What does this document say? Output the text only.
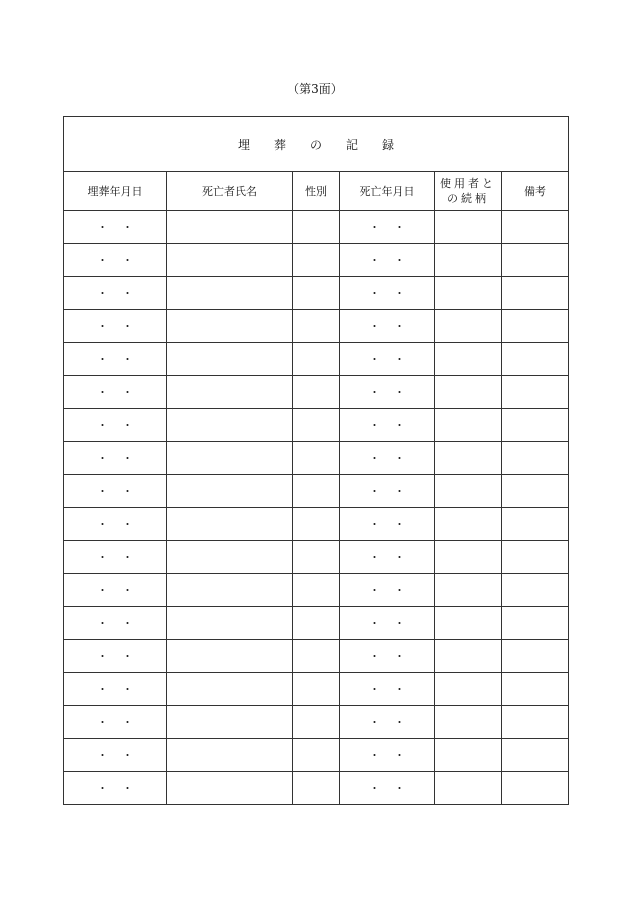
（第3面）
埋葬の記録					
埋葬年月日	死亡者氏名	性別	死亡年月日	使用者と
の続柄	備考
・・			・・		
・・			・・		
・・			・・		
・・			・・		
・・			・・		
・・			・・		
・・			・・		
・・			・・		
・・			・・		
・・			・・		
・・			・・		
・・			・・		
・・			・・		
・・			・・		
・・			・・		
・・			・・		
・・			・・		
・・			・・		
